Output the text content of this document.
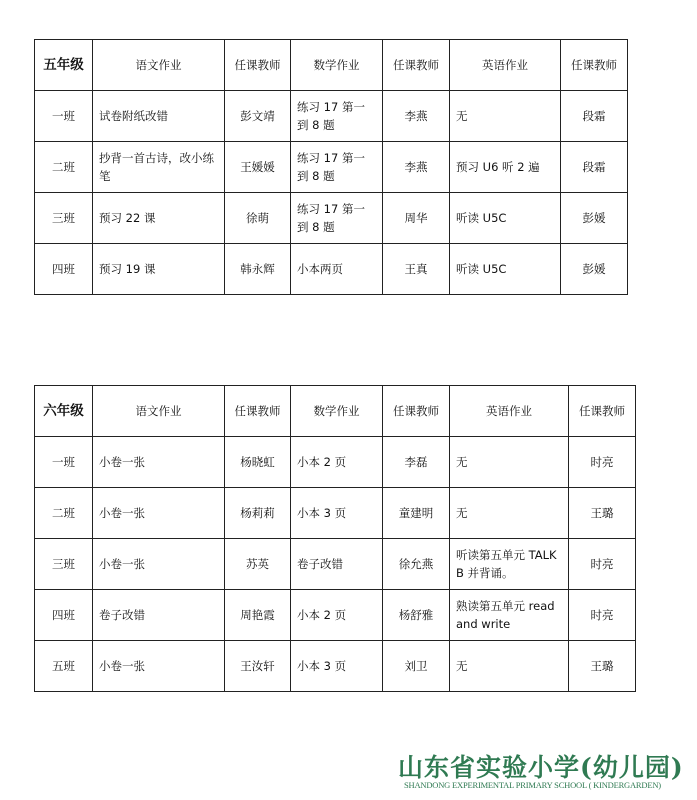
五年级	语文作业	任课教师	数学作业	任课教师	英语作业	任课教师
一班	试卷附纸改错	彭文靖	练习 17 第一到 8 题	李燕	无	段霜
二班	抄背一首古诗，改小练笔	王媛媛	练习 17 第一到 8 题	李燕	预习 U6 听 2 遍	段霜
三班	预习 22 课	徐萌	练习 17 第一到 8 题	周华	听读 U5C	彭媛
四班	预习 19 课	韩永辉	小本两页	王真	听读 U5C	彭媛
六年级	语文作业	任课教师	数学作业	任课教师	英语作业	任课教师
一班	小卷一张	杨晓虹	小本 2 页	李磊	无	时亮
二班	小卷一张	杨莉莉	小本 3 页	童建明	无	王璐
三班	小卷一张	苏英	卷子改错	徐允燕	听读第五单元 TALK B 并背诵。	时亮
四班	卷子改错	周艳霞	小本 2 页	杨舒雅	熟读第五单元 read and write	时亮
五班	小卷一张	王汝轩	小本 3 页	刘卫	无	王璐
山东省实验小学(幼儿园)
SHANDONG EXPERIMENTAL PRIMARY SCHOOL ( KINDERGARDEN)
